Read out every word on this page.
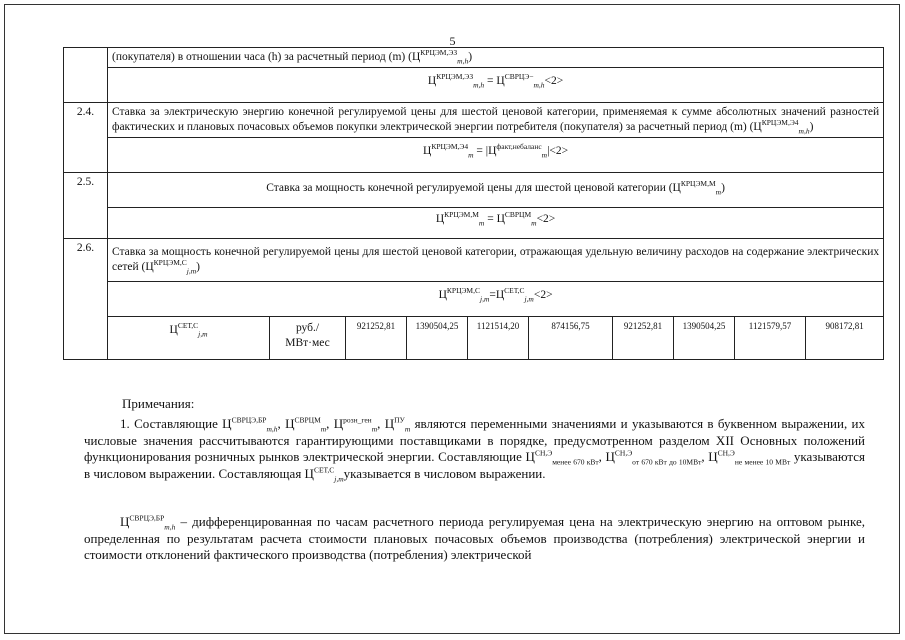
5
	(покупателя) в отношении часа (h) за расчетный период (m) $(Ц^{КРЦЭМ,ЭЗ}_{m,h})$									
	$Ц^{КРЦЭМ,ЭЗ}_{m,h} = Ц^{СВРЦЭ-}_{m,h}<2>$									

2.4.	Ставка за электрическую энергию конечной регулируемой цены для шестой ценовой категории, применяемая к сумме абсолютных значений разностей фактических и плановых почасовых объемов покупки электрической энергии потребителя (покупателя) за расчетный период (m) $(Ц^{КРЦЭМ,Э4}_{m,h})$									
	$Ц^{КРЦЭМ,Э4}_m = |Ц^{факт,небаланс}_m|<2>$									

2.5.	Ставка за мощность конечной регулируемой цены для шестой ценовой категории $(Ц^{КРЦЭМ,М}_m)$									
	$Ц^{КРЦЭМ,М}_m = Ц^{СВРЦМ}_m<2>$									

2.6.	Ставка за мощность конечной регулируемой цены для шестой ценовой категории, отражающая удельную величину расходов на содержание электрических сетей $(Ц^{КРЦЭМ,С}_{j,m})$									
	$Ц^{КРЦЭМ,С}_{j,m}=Ц^{СЕТ,С}_{j,m}<2>$									

	$Ц^{СЕТ,С}_{j,m}$	руб./
МВт·мес	921252,81	1390504,25	1121514,20	874156,75	921252,81	1390504,25	1121579,57	908172,81
Примечания:
1. Составляющие $Ц^{СВРЦЭ,БР}_{m,h}$, $Ц^{СВРЦМ}_m$, $Ц^{розн\_ген}_m$, $Ц^{ПУ}_m$ являются переменными значениями и указываются в буквенном выражении, их числовые значения рассчитываются гарантирующими поставщиками в порядке, предусмотренном разделом XII Основных положений функционирования розничных рынков электрической энергии. Составляющие $Ц^{СН,Э}_{менее 670 кВт}$, $Ц^{СН,Э}_{от 670 кВт до 10МВт}$, $Ц^{СН,Э}_{не менее 10 МВт}$ указываются в числовом выражении. Составляющая $Ц^{СЕТ,С}_{j,m}указывается$ в числовом выражении.
$Ц^{СВРЦЭ,БР}_{m,h}$ – дифференцированная по часам расчетного периода регулируемая цена на электрическую энергию на оптовом рынке, определенная по результатам расчета стоимости плановых почасовых объемов производства (потребления) электрической энергии и стоимости отклонений фактического производства (потребления) электрической
